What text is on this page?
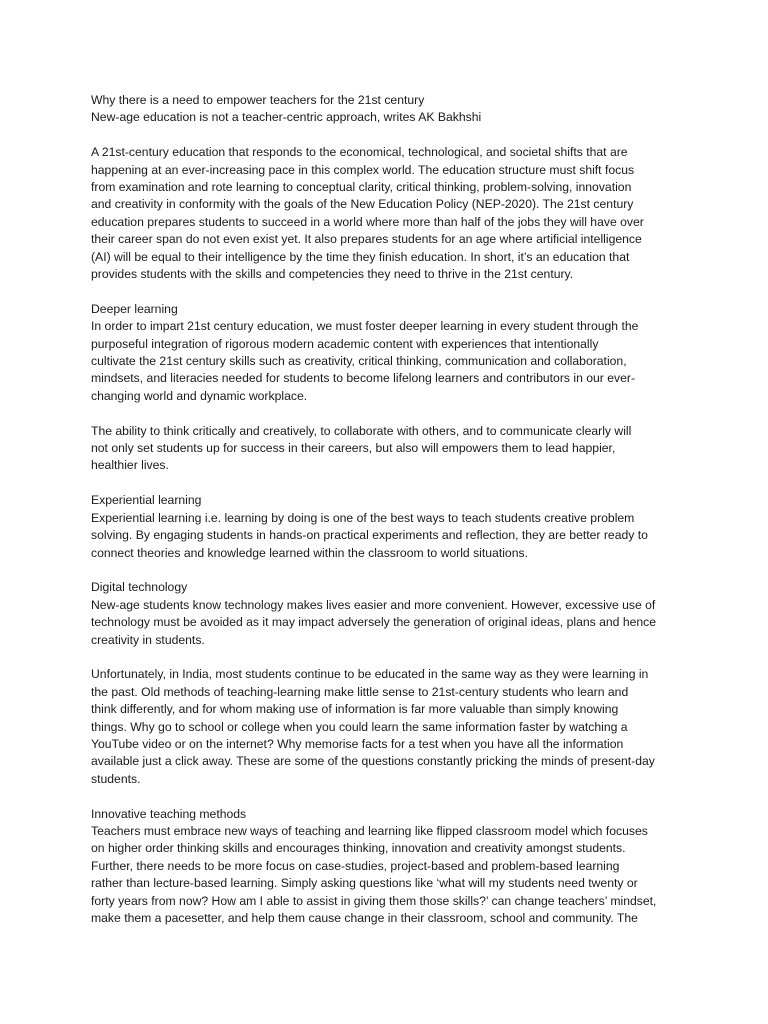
Why there is a need to empower teachers for the 21st century

New-age education is not a teacher-centric approach, writes AK Bakhshi

A 21st-century education that responds to the economical, technological, and societal shifts that are

happening at an ever-increasing pace in this complex world. The education structure must shift focus

from examination and rote learning to conceptual clarity, critical thinking, problem-solving, innovation

and creativity in conformity with the goals of the New Education Policy (NEP-2020). The 21st century

education prepares students to succeed in a world where more than half of the jobs they will have over

their career span do not even exist yet. It also prepares students for an age where artificial intelligence

(AI) will be equal to their intelligence by the time they finish education. In short, it’s an education that

provides students with the skills and competencies they need to thrive in the 21st century.

Deeper learning

In order to impart 21st century education, we must foster deeper learning in every student through the

purposeful integration of rigorous modern academic content with experiences that intentionally

cultivate the 21st century skills such as creativity, critical thinking, communication and collaboration,

mindsets, and literacies needed for students to become lifelong learners and contributors in our ever-

changing world and dynamic workplace.

The ability to think critically and creatively, to collaborate with others, and to communicate clearly will

not only set students up for success in their careers, but also will empowers them to lead happier,

healthier lives.

Experiential learning

Experiential learning i.e. learning by doing is one of the best ways to teach students creative problem

solving. By engaging students in hands-on practical experiments and reflection, they are better ready to

connect theories and knowledge learned within the classroom to world situations.

Digital technology

New-age students know technology makes lives easier and more convenient. However, excessive use of

technology must be avoided as it may impact adversely the generation of original ideas, plans and hence

creativity in students.

Unfortunately, in India, most students continue to be educated in the same way as they were learning in

the past. Old methods of teaching-learning make little sense to 21st-century students who learn and

think differently, and for whom making use of information is far more valuable than simply knowing

things. Why go to school or college when you could learn the same information faster by watching a

YouTube video or on the internet? Why memorise facts for a test when you have all the information

available just a click away. These are some of the questions constantly pricking the minds of present-day

students.

Innovative teaching methods

Teachers must embrace new ways of teaching and learning like flipped classroom model which focuses

on higher order thinking skills and encourages thinking, innovation and creativity amongst students.

Further, there needs to be more focus on case-studies, project-based and problem-based learning

rather than lecture-based learning. Simply asking questions like ‘what will my students need twenty or

forty years from now? How am I able to assist in giving them those skills?’ can change teachers’ mindset,

make them a pacesetter, and help them cause change in their classroom, school and community. The
